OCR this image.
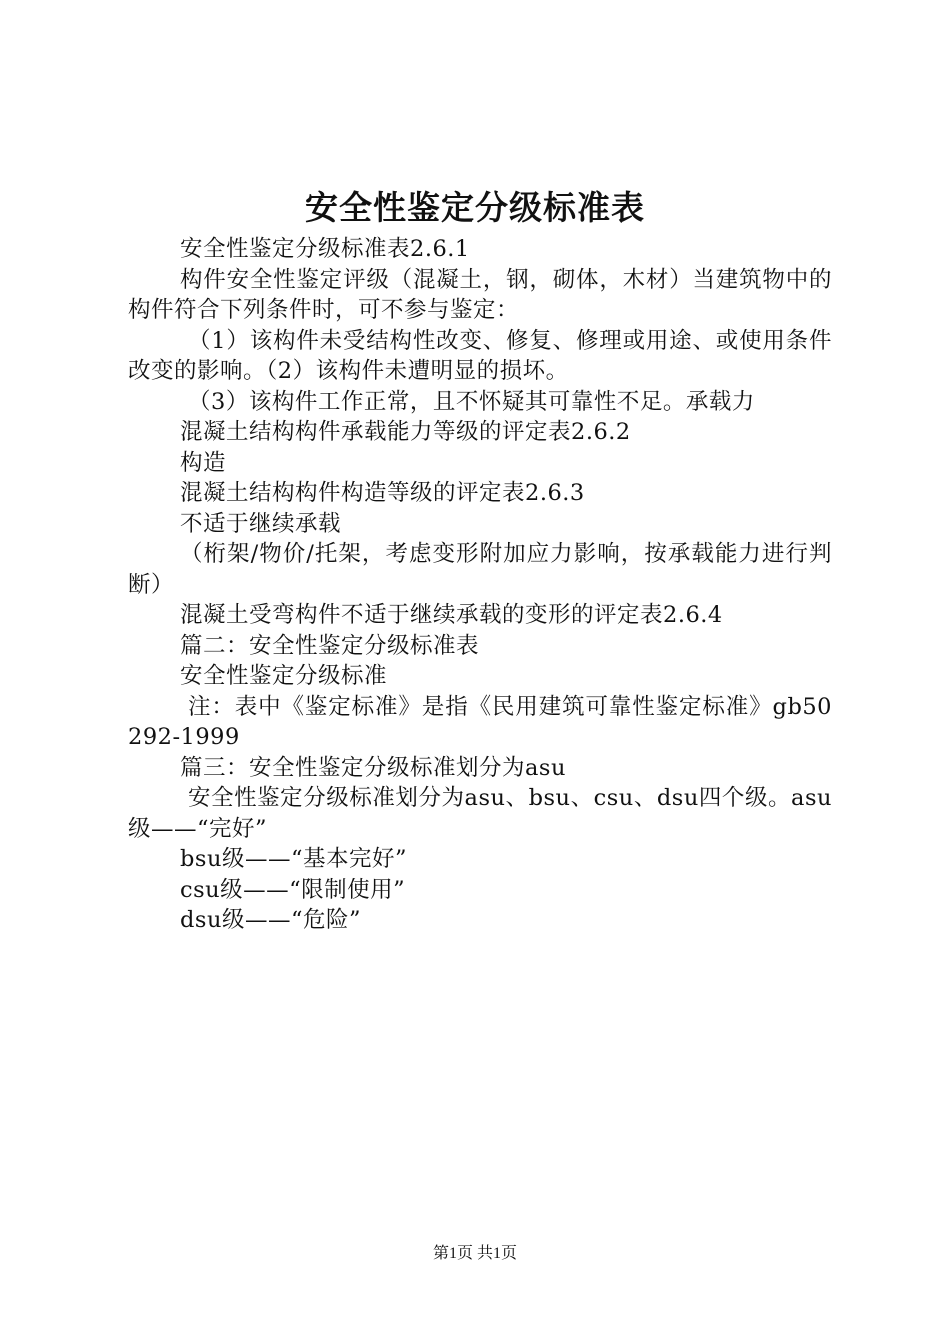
安全性鉴定分级标准表

安全性鉴定分级标准表2.6.1

构件安全性鉴定评级（混凝土，钢，砌体，木材）当建筑物中的构件符合下列条件时，可不参与鉴定：

（1）该构件未受结构性改变、修复、修理或用途、或使用条件改变的影响。（2）该构件未遭明显的损坏。

（3）该构件工作正常，且不怀疑其可靠性不足。承载力

混凝土结构构件承载能力等级的评定表2.6.2

构造

混凝土结构构件构造等级的评定表2.6.3

不适于继续承载

（桁架/物价/托架，考虑变形附加应力影响，按承载能力进行判断）

混凝土受弯构件不适于继续承载的变形的评定表2.6.4

篇二：安全性鉴定分级标准表

安全性鉴定分级标准

注：表中《鉴定标准》是指《民用建筑可靠性鉴定标准》gb50292-1999

篇三：安全性鉴定分级标准划分为asu

安全性鉴定分级标准划分为asu、bsu、csu、dsu四个级。asu级——“完好”

bsu级——“基本完好”

csu级——“限制使用”

dsu级——“危险”

第1页 共1页
